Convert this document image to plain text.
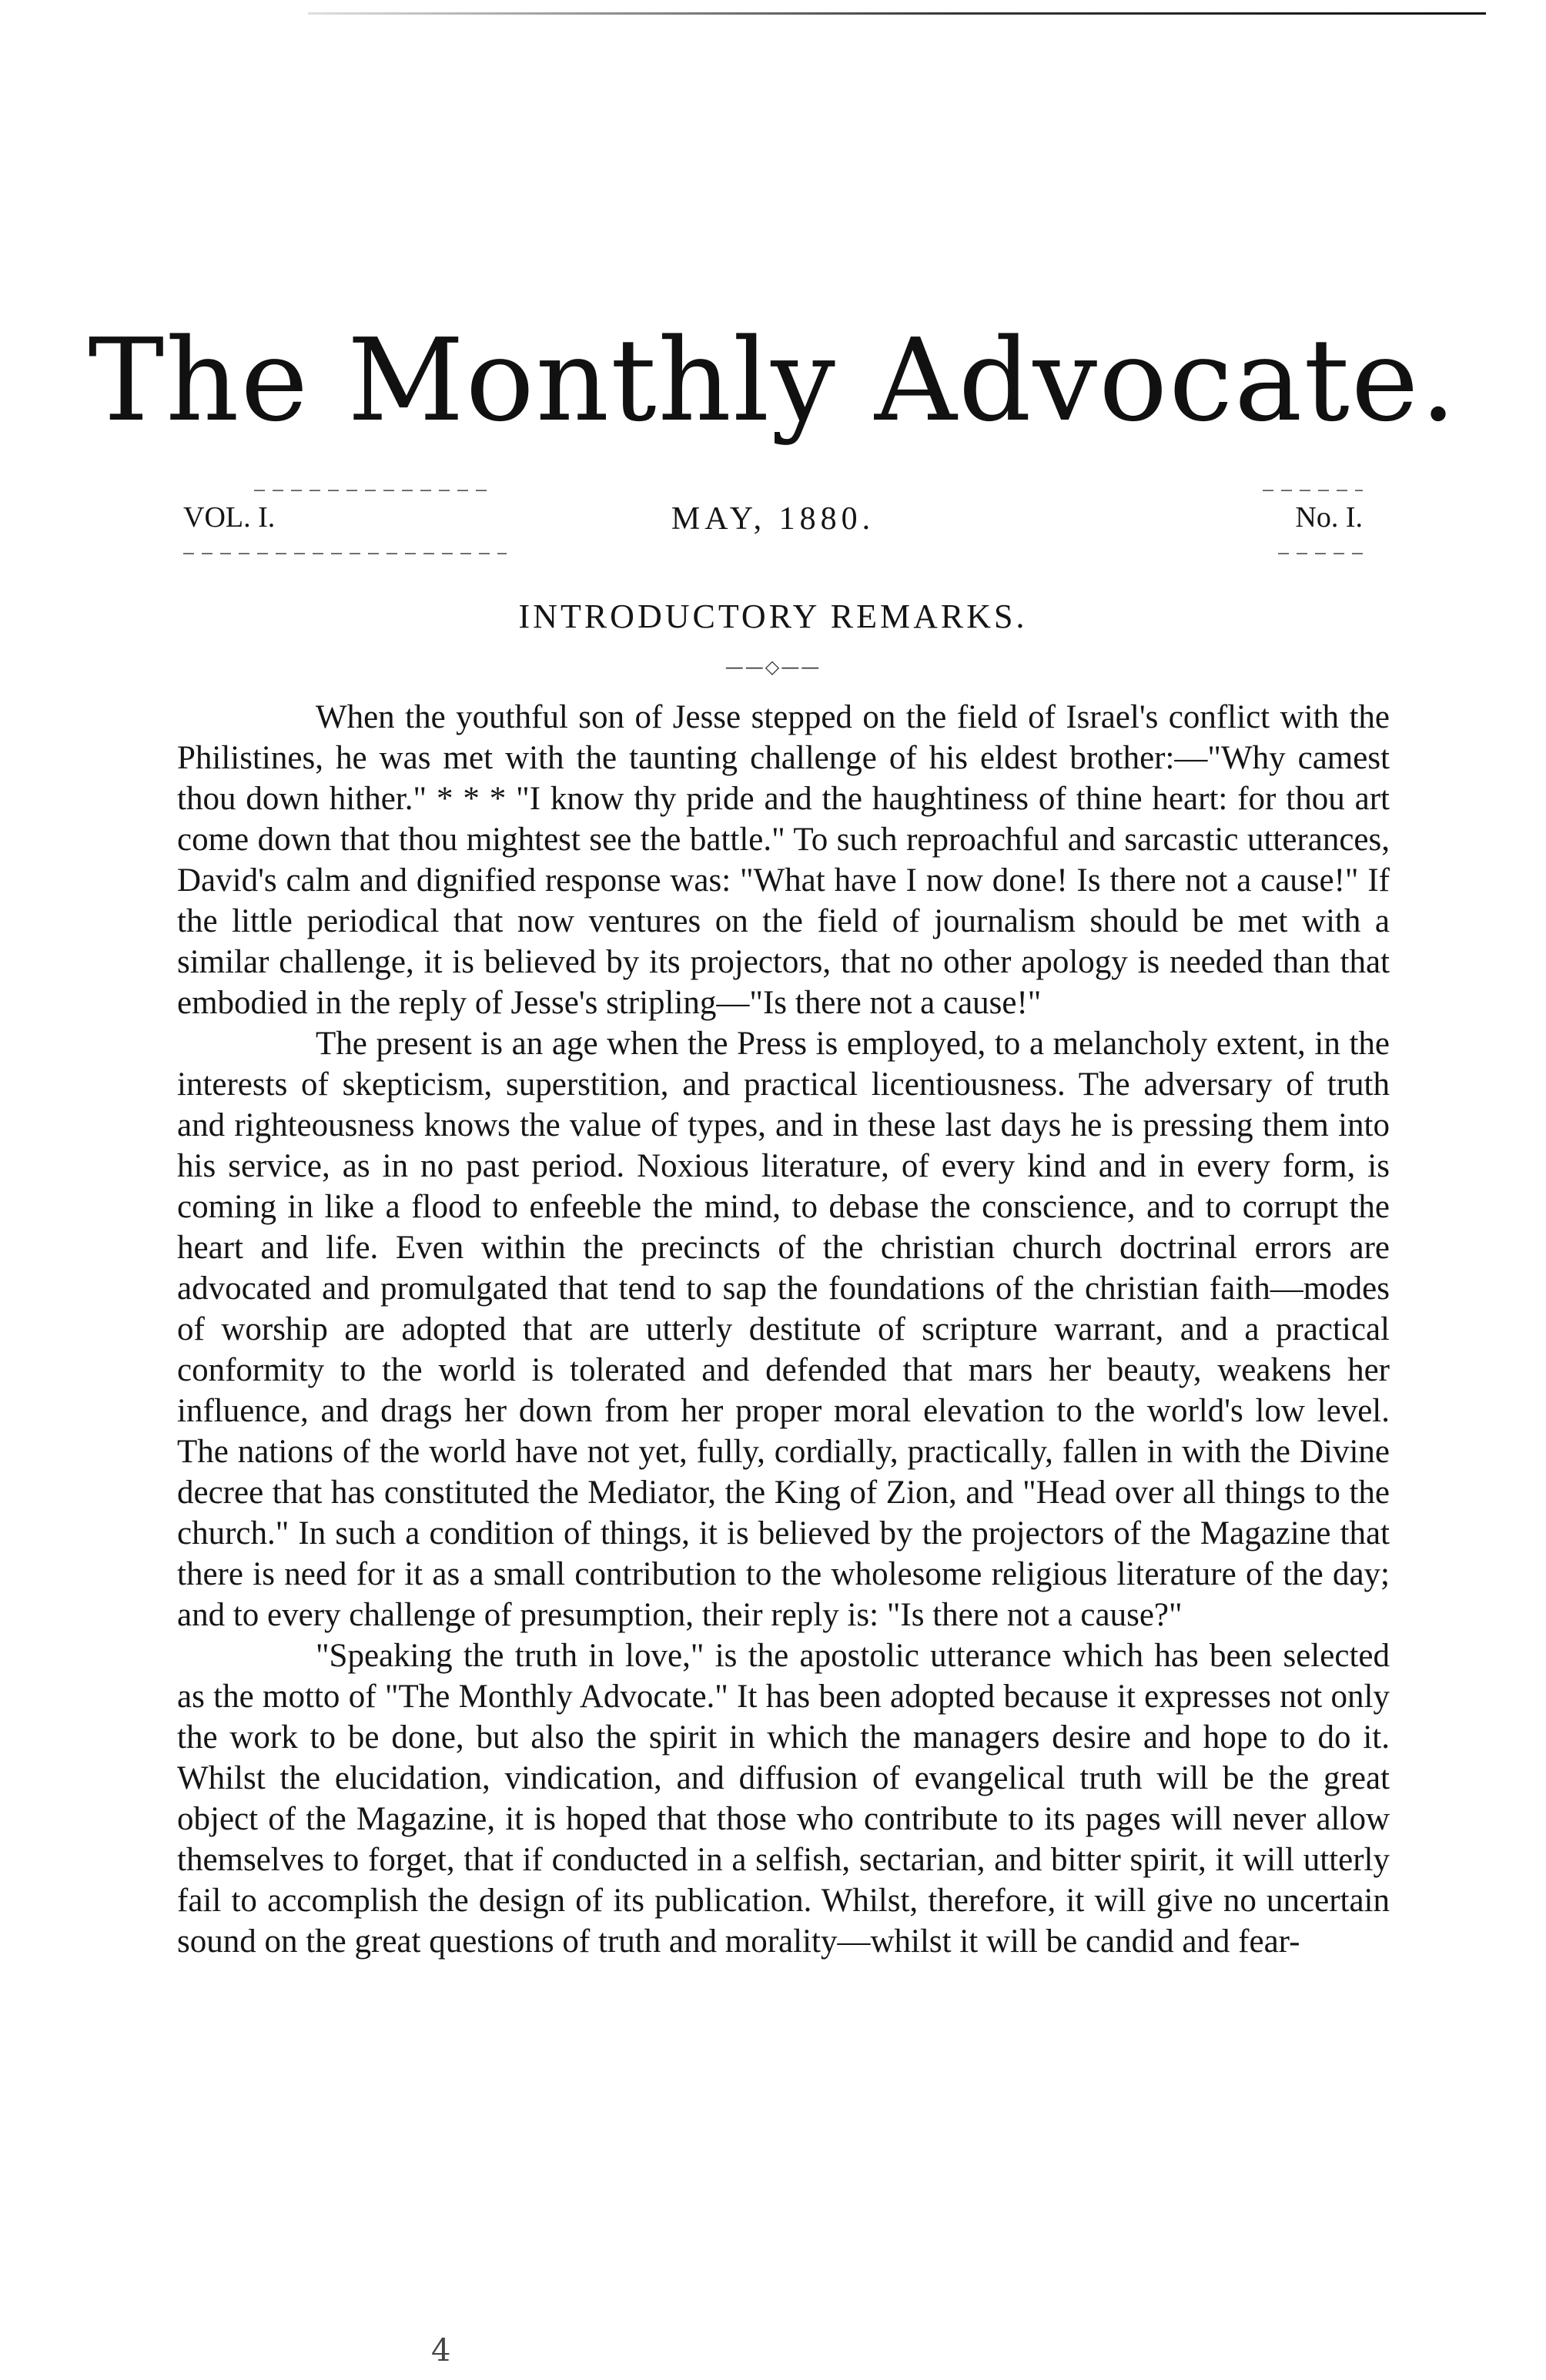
The Monthly Advocate.
VOL. I.	MAY, 1880.	No. I.
INTRODUCTORY REMARKS.
——◇——

When the youthful son of Jesse stepped on the field of Israel's conflict with the Philistines, he was met with the taunting challenge of his eldest brother:—"Why camest thou down hither." * * * "I know thy pride and the haughtiness of thine heart: for thou art come down that thou mightest see the battle." To such reproachful and sarcastic utterances, David's calm and dignified response was: "What have I now done! Is there not a cause!" If the little periodical that now ventures on the field of journalism should be met with a similar challenge, it is believed by its projectors, that no other apology is needed than that embodied in the reply of Jesse's stripling—"Is there not a cause!"

The present is an age when the Press is employed, to a melancholy extent, in the interests of skepticism, superstition, and practical licentiousness. The adversary of truth and righteousness knows the value of types, and in these last days he is pressing them into his service, as in no past period. Noxious literature, of every kind and in every form, is coming in like a flood to enfeeble the mind, to debase the conscience, and to corrupt the heart and life. Even within the precincts of the christian church doctrinal errors are advocated and promulgated that tend to sap the foundations of the christian faith—modes of worship are adopted that are utterly destitute of scripture warrant, and a practical conformity to the world is tolerated and defended that mars her beauty, weakens her influence, and drags her down from her proper moral elevation to the world's low level. The nations of the world have not yet, fully, cordially, practically, fallen in with the Divine decree that has constituted the Mediator, the King of Zion, and "Head over all things to the church." In such a condition of things, it is believed by the projectors of the Magazine that there is need for it as a small contribution to the wholesome religious literature of the day; and to every challenge of presumption, their reply is: "Is there not a cause?"

"Speaking the truth in love," is the apostolic utterance which has been selected as the motto of "The Monthly Advocate." It has been adopted because it expresses not only the work to be done, but also the spirit in which the managers desire and hope to do it. Whilst the elucidation, vindication, and diffusion of evangelical truth will be the great object of the Magazine, it is hoped that those who contribute to its pages will never allow themselves to forget, that if conducted in a selfish, sectarian, and bitter spirit, it will utterly fail to accomplish the design of its publication. Whilst, therefore, it will give no uncertain sound on the great questions of truth and morality—whilst it will be candid and fear-

4
